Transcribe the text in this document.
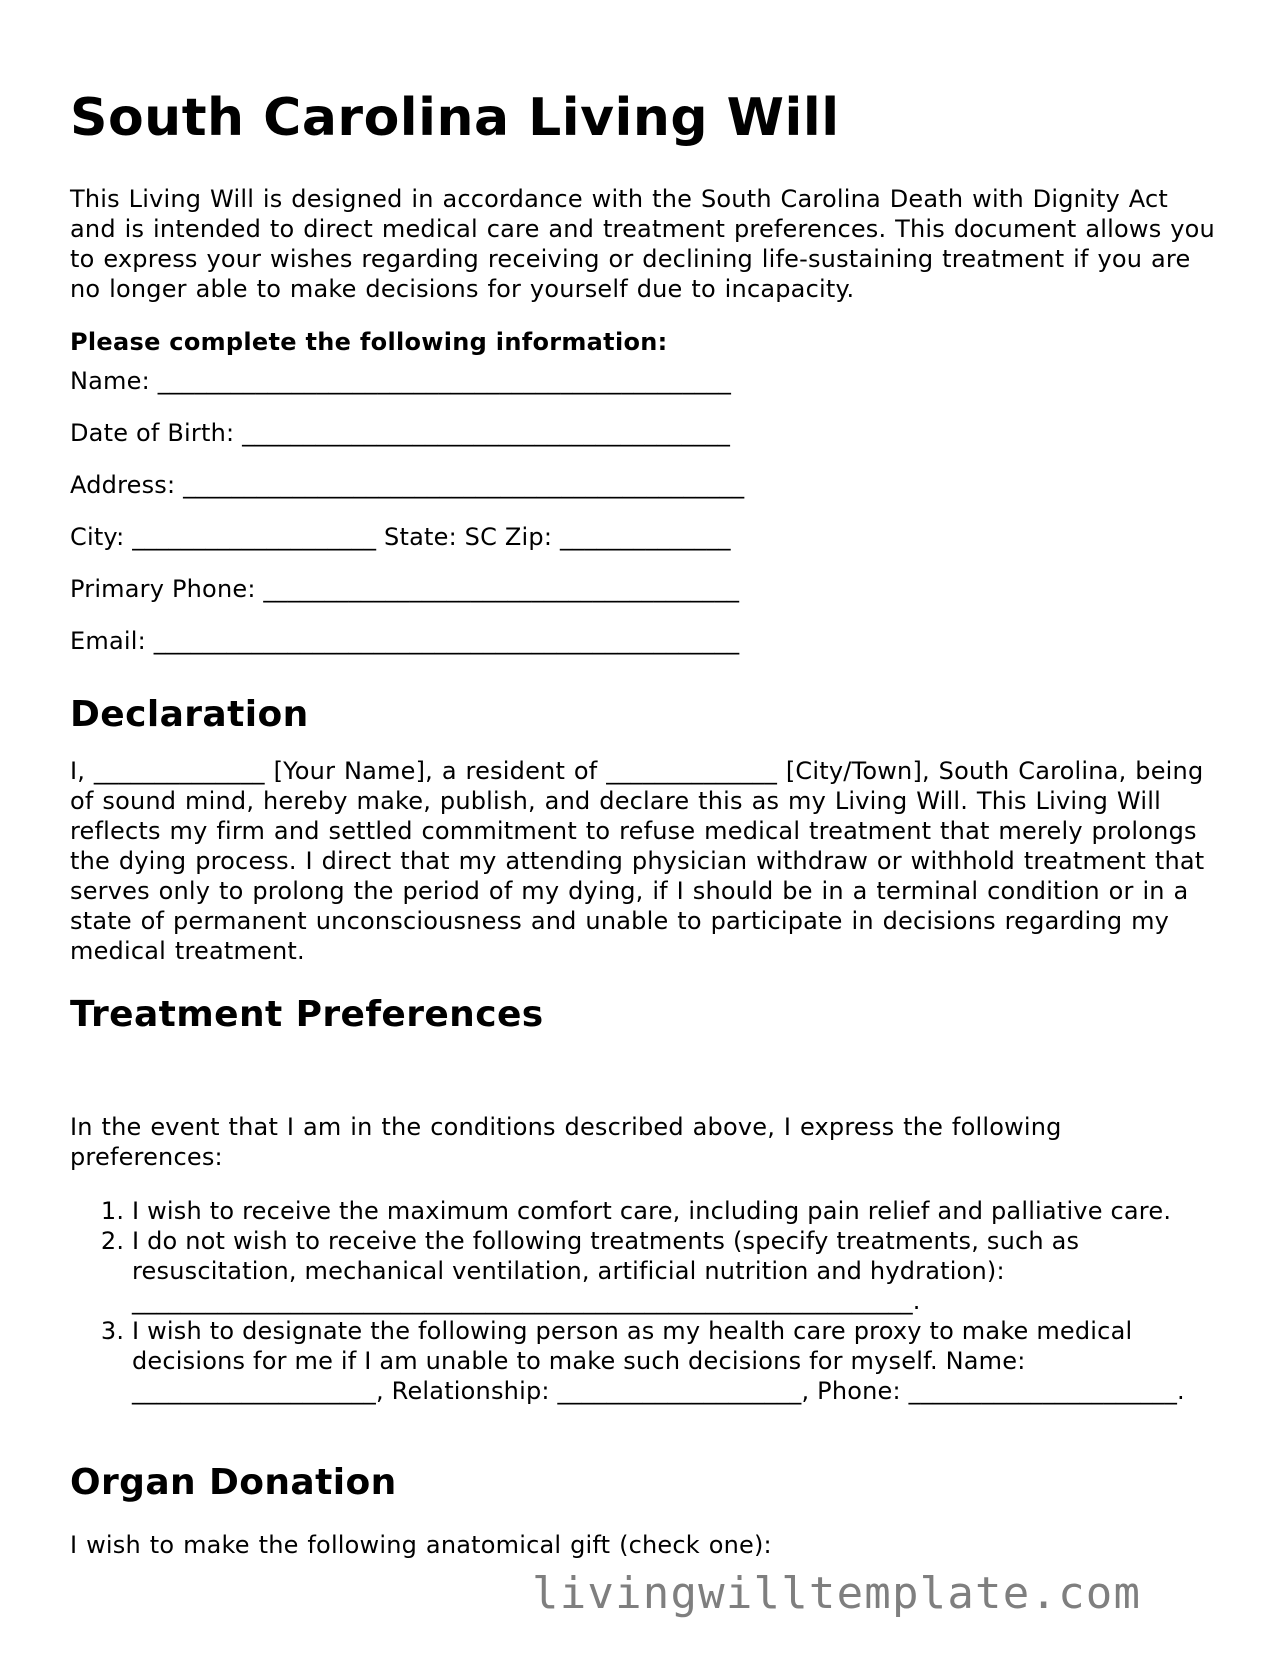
South Carolina Living Will

This Living Will is designed in accordance with the South Carolina Death with Dignity Act and is intended to direct medical care and treatment preferences. This document allows you to express your wishes regarding receiving or declining life-sustaining treatment if you are no longer able to make decisions for yourself due to incapacity.

Please complete the following information:

Name: _______________________________________________

Date of Birth: ________________________________________

Address: ______________________________________________

City: ____________________ State: SC Zip: ______________

Primary Phone: _______________________________________

Email: ________________________________________________

Declaration

I, ______________ [Your Name], a resident of ______________ [City/Town], South Carolina, being of sound mind, hereby make, publish, and declare this as my Living Will. This Living Will reflects my firm and settled commitment to refuse medical treatment that merely prolongs the dying process. I direct that my attending physician withdraw or withhold treatment that serves only to prolong the period of my dying, if I should be in a terminal condition or in a state of permanent unconsciousness and unable to participate in decisions regarding my medical treatment.

Treatment Preferences

In the event that I am in the conditions described above, I express the following preferences:

1. I wish to receive the maximum comfort care, including pain relief and palliative care.
2. I do not wish to receive the following treatments (specify treatments, such as resuscitation, mechanical ventilation, artificial nutrition and hydration): ________________________________________________________________.
3. I wish to designate the following person as my health care proxy to make medical decisions for me if I am unable to make such decisions for myself. Name: ____________________, Relationship: ____________________, Phone: ______________________.
Organ Donation

I wish to make the following anatomical gift (check one):

livingwilltemplate.com
